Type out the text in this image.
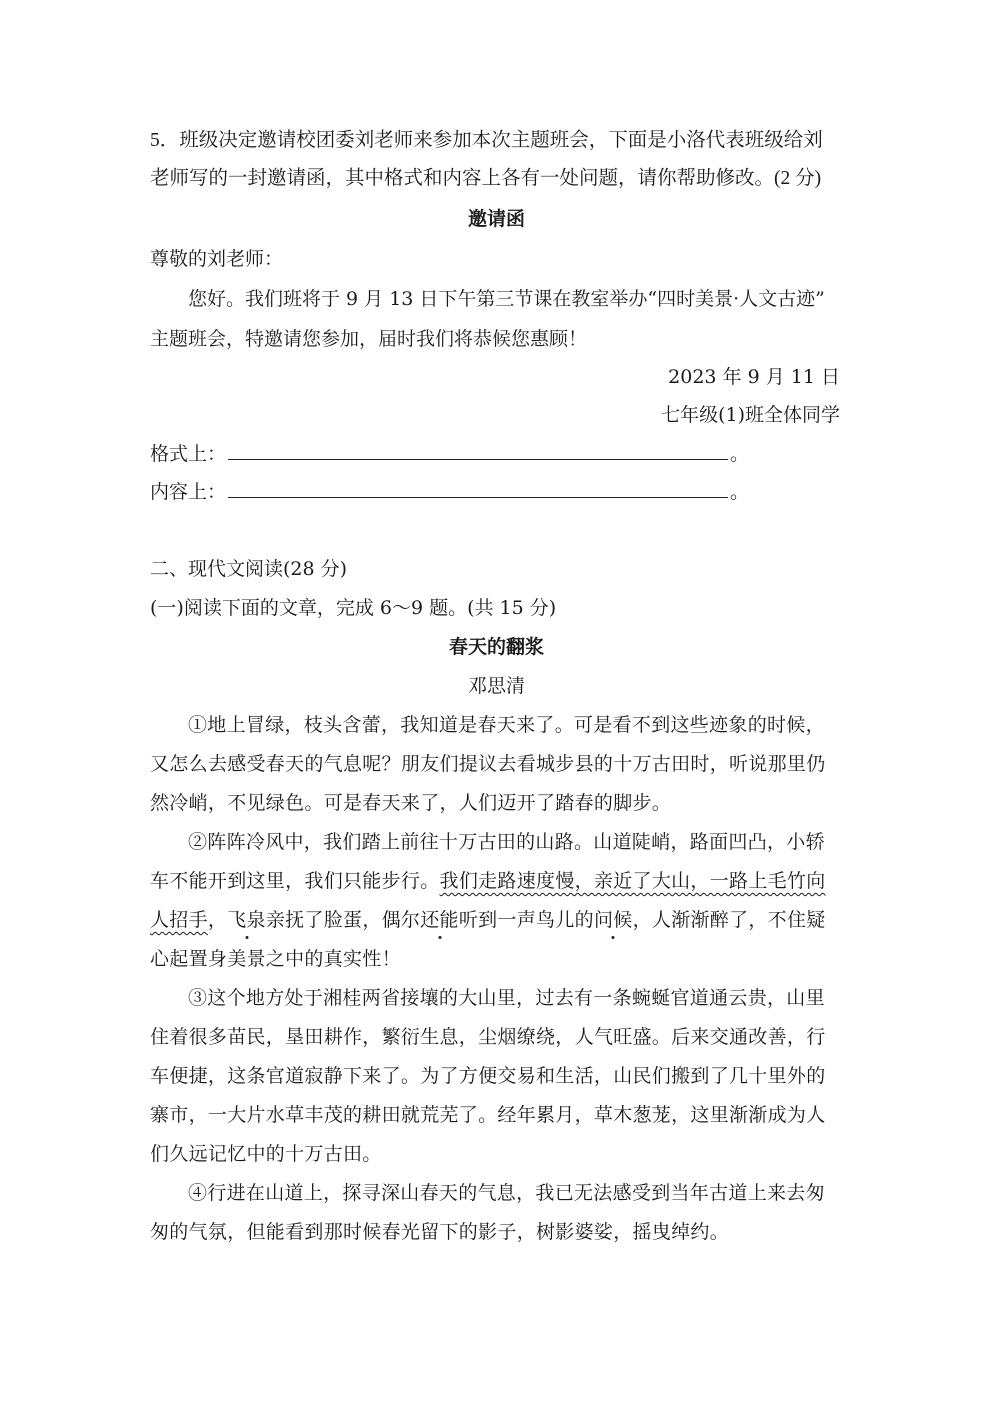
5．班级决定邀请校团委刘老师来参加本次主题班会，下面是小洛代表班级给刘
老师写的一封邀请函，其中格式和内容上各有一处问题，请你帮助修改。(2 分)
邀请函
尊敬的刘老师：
您好。我们班将于 9 月 13 日下午第三节课在教室举办“四时美景·人文古迹”
主题班会，特邀请您参加，届时我们将恭候您惠顾！
2023 年 9 月 11 日
七年级(1)班全体同学
格式上：	。
内容上：	。
二、现代文阅读(28 分)
(一)阅读下面的文章，完成 6～9 题。(共 15 分)
春天的翻浆
邓思清
①地上冒绿，枝头含蕾，我知道是春天来了。可是看不到这些迹象的时候，
又怎么去感受春天的气息呢？朋友们提议去看城步县的十万古田时，听说那里仍
然冷峭，不见绿色。可是春天来了，人们迈开了踏春的脚步。
②阵阵冷风中，我们踏上前往十万古田的山路。山道陡峭，路面凹凸，小轿
车不能开到这里，我们只能步行。我们走路速度慢，亲近了大山，一路上毛竹向
人招手，飞泉亲抚了脸蛋，偶尔还能听到一声鸟儿的问候，人渐渐醉了，不住疑
心起置身美景之中的真实性！
③这个地方处于湘桂两省接壤的大山里，过去有一条蜿蜒官道通云贵，山里
住着很多苗民，垦田耕作，繁衍生息，尘烟缭绕，人气旺盛。后来交通改善，行
车便捷，这条官道寂静下来了。为了方便交易和生活，山民们搬到了几十里外的
寨市，一大片水草丰茂的耕田就荒芜了。经年累月，草木葱茏，这里渐渐成为人
们久远记忆中的十万古田。
④行进在山道上，探寻深山春天的气息，我已无法感受到当年古道上来去匆
匆的气氛，但能看到那时候春光留下的影子，树影婆娑，摇曳绰约。
